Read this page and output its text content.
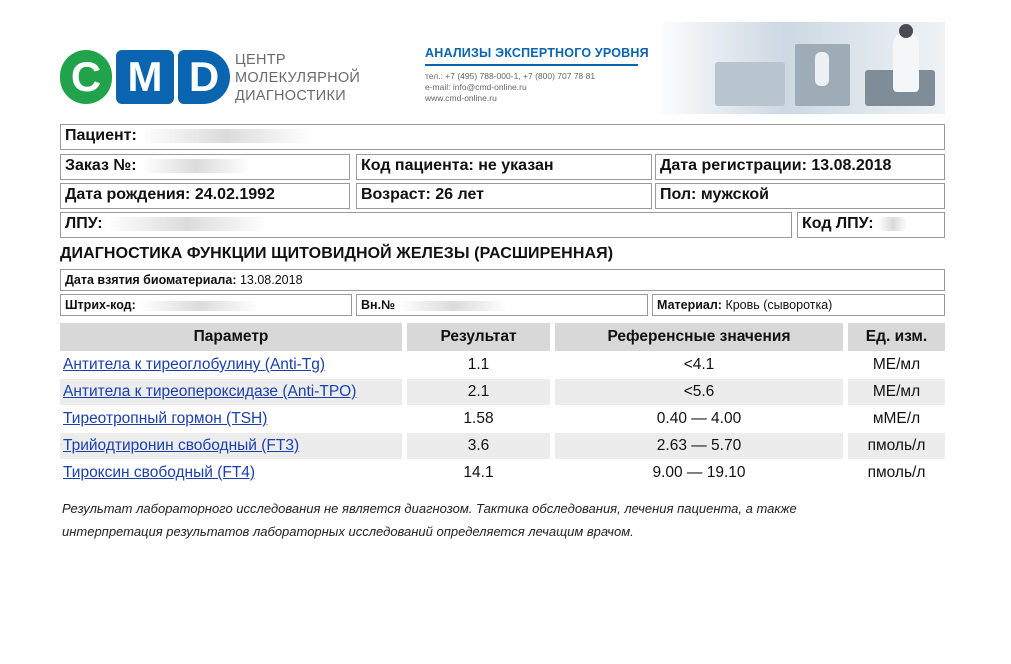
C M D	ЦЕНТР
МОЛЕКУЛЯРНОЙ
ДИАГНОСТИКИ
АНАЛИЗЫ ЭКСПЕРТНОГО УРОВНЯ
тел.: +7 (495) 788-000-1, +7 (800) 707 78 81
e-mail: info@cmd-online.ru
www.cmd-online.ru
Пациент:
Заказ №:	Код пациента: не указан	Дата регистрации: 13.08.2018
Дата рождения: 24.02.1992	Возраст: 26 лет	Пол: мужской
ЛПУ:	Код ЛПУ:
ДИАГНОСТИКА ФУНКЦИИ ЩИТОВИДНОЙ ЖЕЛЕЗЫ (РАСШИРЕННАЯ)
Дата взятия биоматериала: 13.08.2018
Штрих-код:	Вн.№	Материал: Кровь (сыворотка)
Параметр	Результат	Референсные значения	Ед. изм.
Антитела к тиреоглобулину (Anti-Tg)	1.1	<4.1	МЕ/мл
Антитела к тиреопероксидазе (Anti-TPO)	2.1	<5.6	МЕ/мл
Тиреотропный гормон (TSH)	1.58	0.40 — 4.00	мМЕ/л
Трийодтиронин свободный (FT3)	3.6	2.63 — 5.70	пмоль/л
Тироксин свободный (FT4)	14.1	9.00 — 19.10	пмоль/л
Результат лабораторного исследования не является диагнозом. Тактика обследования, лечения пациента, а также
интерпретация результатов лабораторных исследований определяется лечащим врачом.
